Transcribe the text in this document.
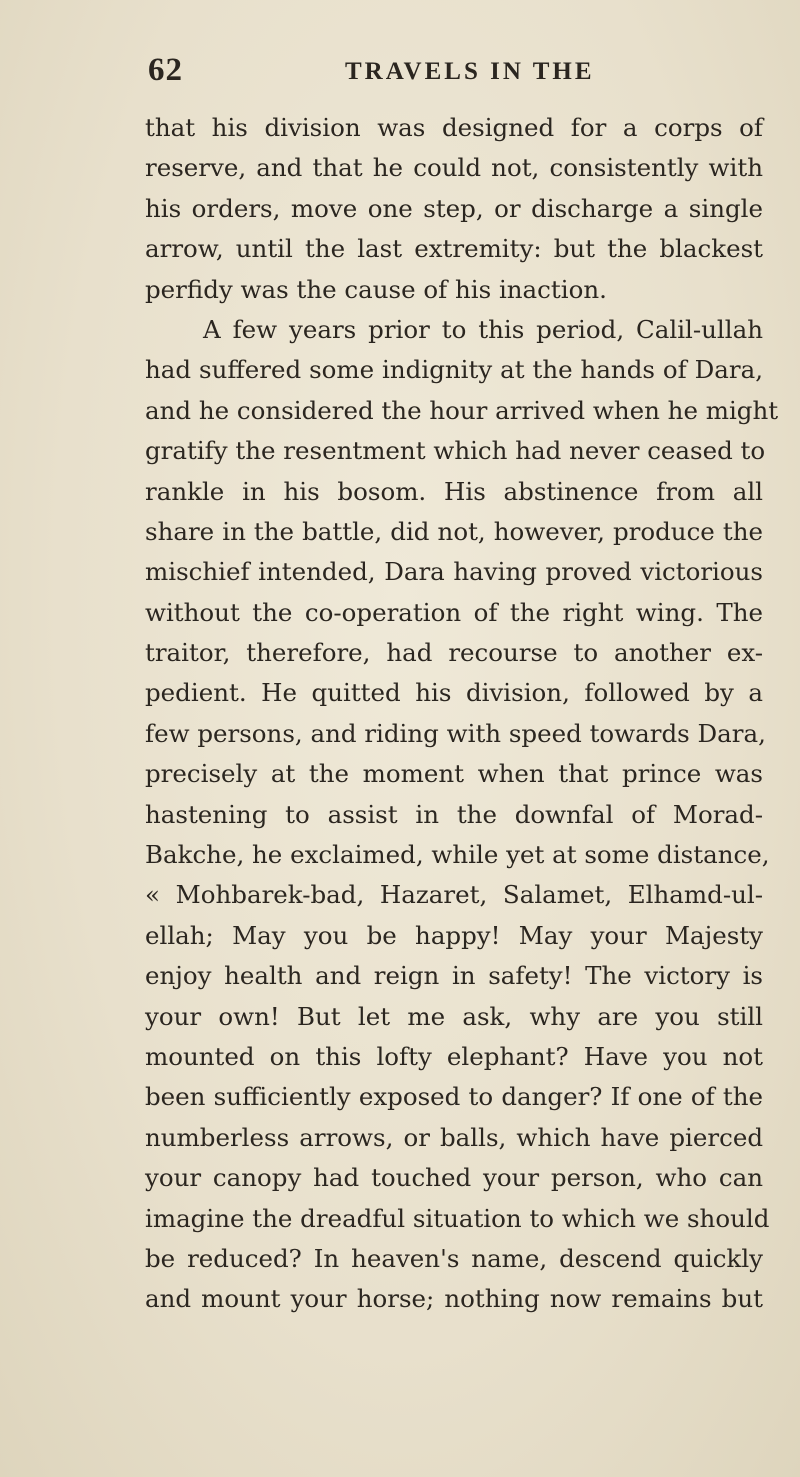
62	TRAVELS IN THE
that his division was designed for a corps of
reserve, and that he could not, consistently with
his orders, move one step, or discharge a single
arrow, until the last extremity: but the blackest
perfidy was the cause of his inaction.
A few years prior to this period, Calil-ullah
had suffered some indignity at the hands of Dara,
and he considered the hour arrived when he might
gratify the resentment which had never ceased to
rankle in his bosom. His abstinence from all
share in the battle, did not, however, produce the
mischief intended, Dara having proved victorious
without the co-operation of the right wing. The
traitor, therefore, had recourse to another ex-
pedient. He quitted his division, followed by a
few persons, and riding with speed towards Dara,
precisely at the moment when that prince was
hastening to assist in the downfal of Morad-
Bakche, he exclaimed, while yet at some distance,
« Mohbarek-bad, Hazaret, Salamet, Elhamd-ul-
ellah; May you be happy! May your Majesty
enjoy health and reign in safety! The victory is
your own! But let me ask, why are you still
mounted on this lofty elephant? Have you not
been sufficiently exposed to danger? If one of the
numberless arrows, or balls, which have pierced
your canopy had touched your person, who can
imagine the dreadful situation to which we should
be reduced? In heaven's name, descend quickly
and mount your horse; nothing now remains but
